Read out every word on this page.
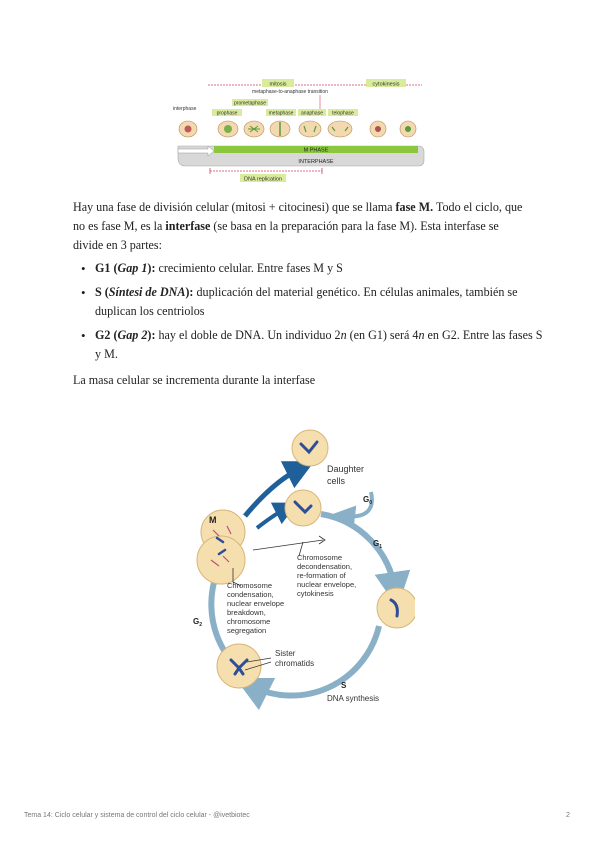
mitosis	cytokinesis
metaphase-to-anaphase transition
interphase
prometaphase
prophase	metaphase anaphase telophase
M PHASE
INTERPHASE
DNA replication

Hay una fase de división celular (mitosi + citocinesi) que se llama fase M. Todo el ciclo, que no es fase M, es la interfase (se basa en la preparación para la fase M). Esta interfase se divide en 3 partes:

• G1 (Gap 1): crecimiento celular. Entre fases M y S
• S (Síntesi de DNA): duplicación del material genético. En células animales, también se duplican los centriolos
• G2 (Gap 2): hay el doble de DNA. Un individuo 2n (en G1) será 4n en G2. Entre las fases S y M.

La masa celular se incrementa durante la interfase

M
Daughter
cells
$G_0$
$G_1$
$G_2$
S
DNA synthesis
Chromosome
decondensation,
re-formation of
nuclear envelope,
cytokinesis
Chromosome
condensation,
nuclear envelope
breakdown,
chromosome
segregation
Sister
chromatids
Tema 14: Ciclo celular y sistema de control del ciclo celular - @ivetbiotec	2
